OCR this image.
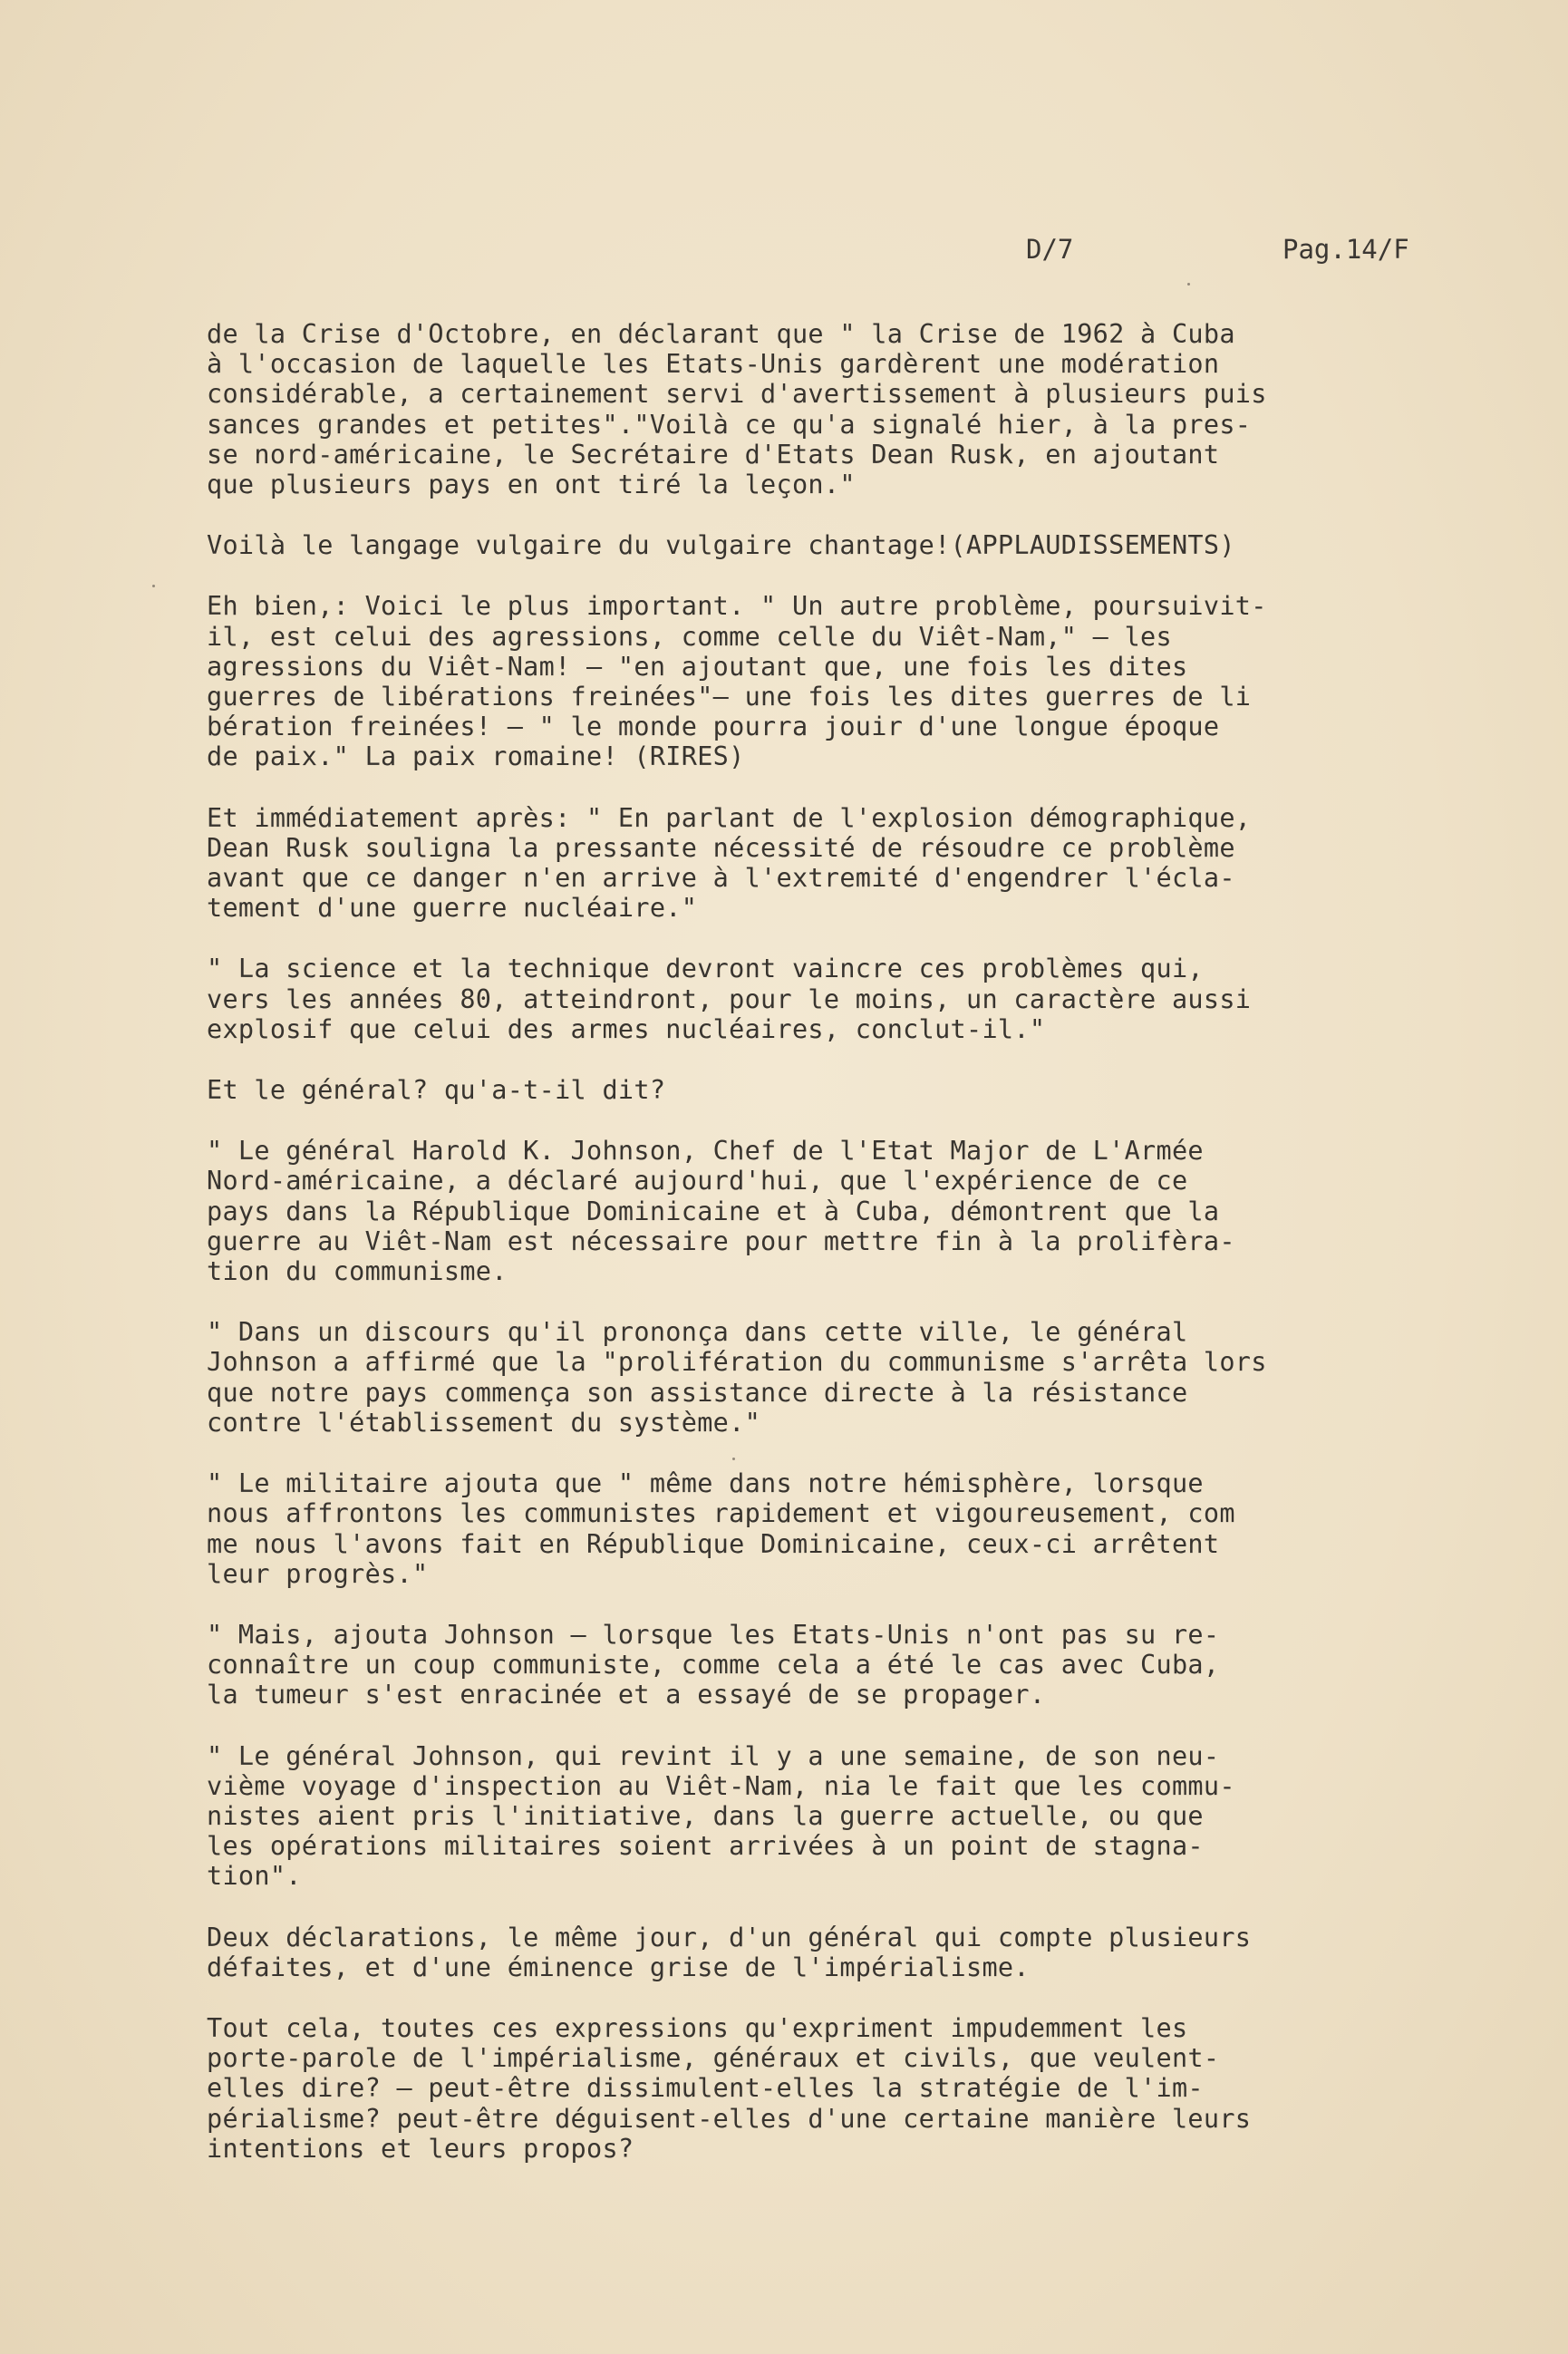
D/7	Pag.14/F

de la Crise d'Octobre, en déclarant que " la Crise de 1962 à Cuba
à l'occasion de laquelle les Etats-Unis gardèrent une modération
considérable, a certainement servi d'avertissement à plusieurs puis
sances grandes et petites"."Voilà ce qu'a signalé hier, à la pres-
se nord-américaine, le Secrétaire d'Etats Dean Rusk, en ajoutant
que plusieurs pays en ont tiré la leçon."

Voilà le langage vulgaire du vulgaire chantage!(APPLAUDISSEMENTS)

Eh bien,: Voici le plus important. " Un autre problème, poursuivit-
il, est celui des agressions, comme celle du Viêt-Nam," — les
agressions du Viêt-Nam! — "en ajoutant que, une fois les dites
guerres de libérations freinées"— une fois les dites guerres de li
bération freinées! — " le monde pourra jouir d'une longue époque
de paix." La paix romaine! (RIRES)

Et immédiatement après: " En parlant de l'explosion démographique,
Dean Rusk souligna la pressante nécessité de résoudre ce problème
avant que ce danger n'en arrive à l'extremité d'engendrer l'écla-
tement d'une guerre nucléaire."

" La science et la technique devront vaincre ces problèmes qui,
vers les années 80, atteindront, pour le moins, un caractère aussi
explosif que celui des armes nucléaires, conclut-il."

Et le général? qu'a-t-il dit?

" Le général Harold K. Johnson, Chef de l'Etat Major de L'Armée
Nord-américaine, a déclaré aujourd'hui, que l'expérience de ce
pays dans la République Dominicaine et à Cuba, démontrent que la
guerre au Viêt-Nam est nécessaire pour mettre fin à la prolifèra-
tion du communisme.

" Dans un discours qu'il prononça dans cette ville, le général
Johnson a affirmé que la "prolifération du communisme s'arrêta lors
que notre pays commença son assistance directe à la résistance
contre l'établissement du système."

" Le militaire ajouta que " même dans notre hémisphère, lorsque
nous affrontons les communistes rapidement et vigoureusement, com
me nous l'avons fait en République Dominicaine, ceux-ci arrêtent
leur progrès."

" Mais, ajouta Johnson — lorsque les Etats-Unis n'ont pas su re-
connaître un coup communiste, comme cela a été le cas avec Cuba,
la tumeur s'est enracinée et a essayé de se propager.

" Le général Johnson, qui revint il y a une semaine, de son neu-
vième voyage d'inspection au Viêt-Nam, nia le fait que les commu-
nistes aient pris l'initiative, dans la guerre actuelle, ou que
les opérations militaires soient arrivées à un point de stagna-
tion".

Deux déclarations, le même jour, d'un général qui compte plusieurs
défaites, et d'une éminence grise de l'impérialisme.

Tout cela, toutes ces expressions qu'expriment impudemment les
porte-parole de l'impérialisme, généraux et civils, que veulent-
elles dire? — peut-être dissimulent-elles la stratégie de l'im-
périalisme? peut-être déguisent-elles d'une certaine manière leurs
intentions et leurs propos?
